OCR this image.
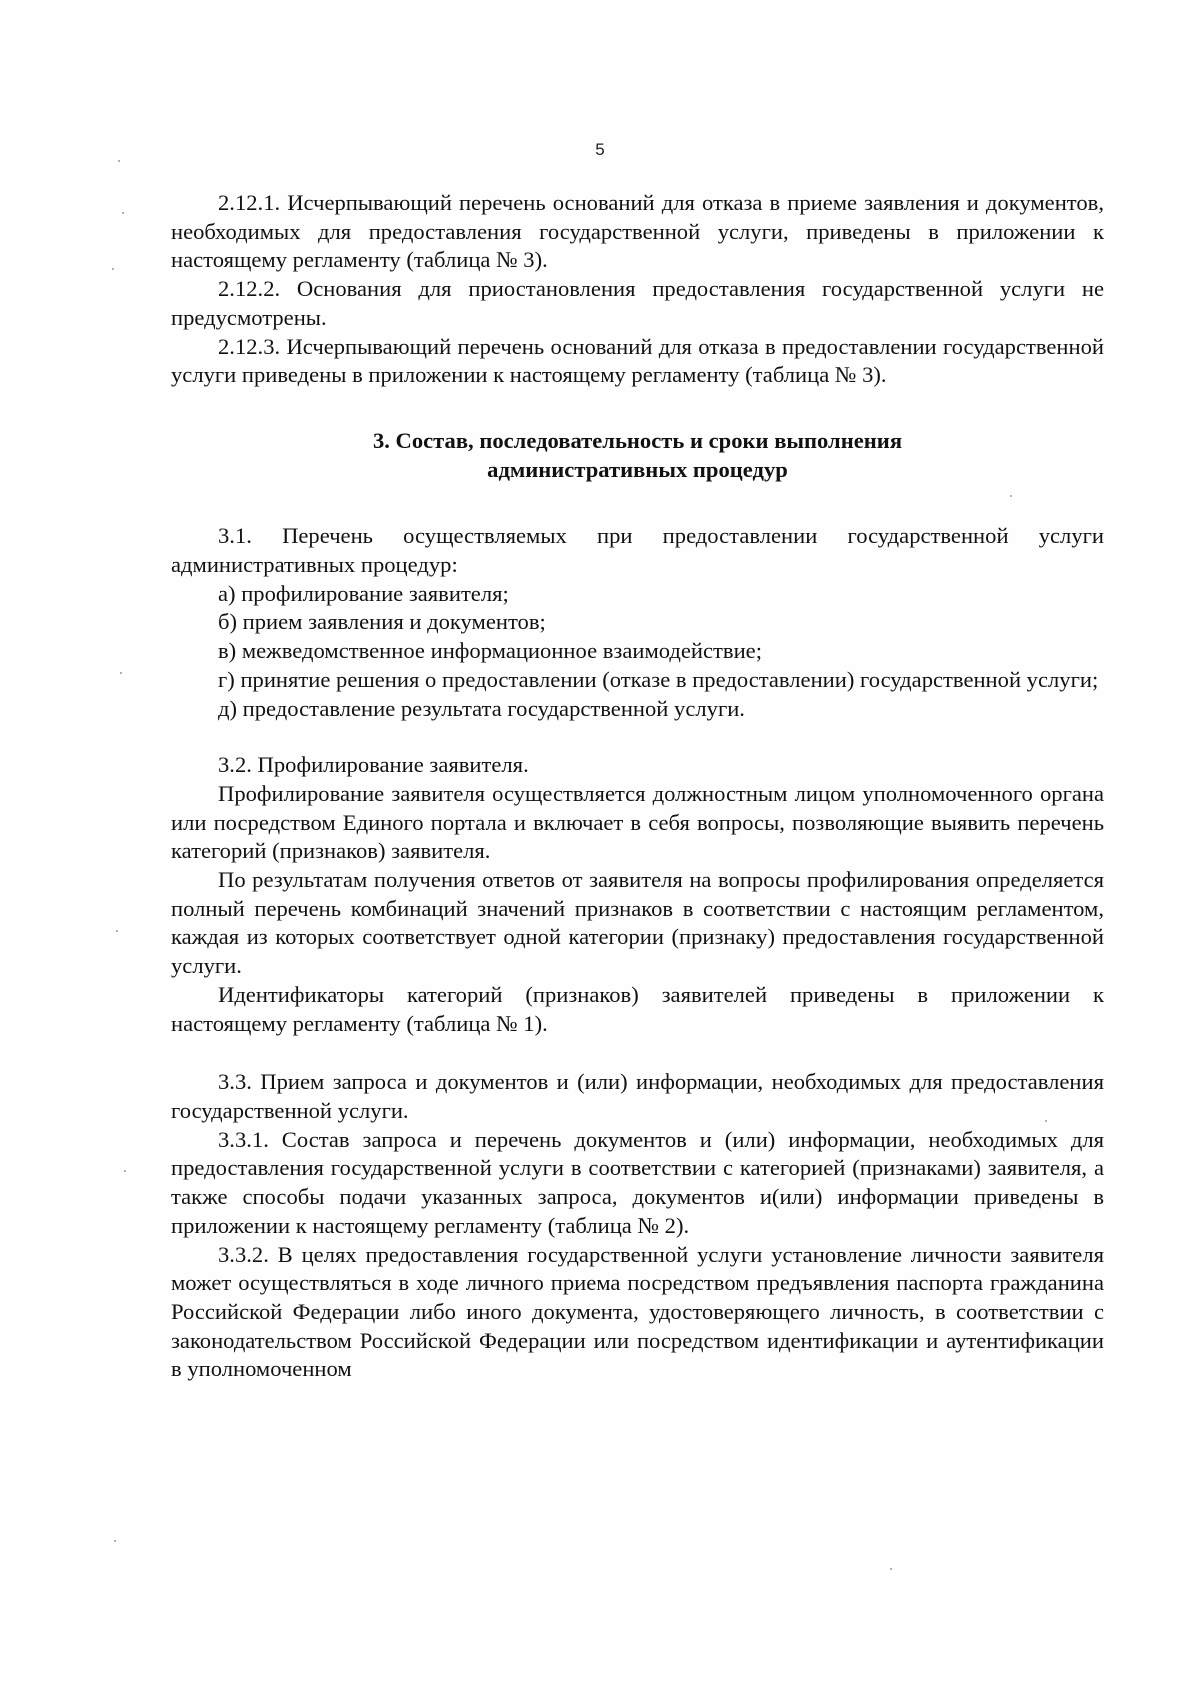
5

2.12.1. Исчерпывающий перечень оснований для отказа в приеме заявления и документов, необходимых для предоставления государственной услуги, приведены в приложении к настоящему регламенту (таблица № 3).

2.12.2. Основания для приостановления предоставления государственной услуги не предусмотрены.

2.12.3. Исчерпывающий перечень оснований для отказа в предоставлении государственной услуги приведены в приложении к настоящему регламенту (таблица № 3).

3. Состав, последовательность и сроки выполнения
административных процедур

3.1. Перечень осуществляемых при предоставлении государственной услуги административных процедур:

а) профилирование заявителя;

б) прием заявления и документов;

в) межведомственное информационное взаимодействие;

г) принятие решения о предоставлении (отказе в предоставлении) государственной услуги;

д) предоставление результата государственной услуги.

3.2. Профилирование заявителя.

Профилирование заявителя осуществляется должностным лицом уполномоченного органа или посредством Единого портала и включает в себя вопросы, позволяющие выявить перечень категорий (признаков) заявителя.

По результатам получения ответов от заявителя на вопросы профилирования определяется полный перечень комбинаций значений признаков в соответствии с настоящим регламентом, каждая из которых соответствует одной категории (признаку) предоставления государственной услуги.

Идентификаторы категорий (признаков) заявителей приведены в приложении к настоящему регламенту (таблица № 1).

3.3. Прием запроса и документов и (или) информации, необходимых для предоставления государственной услуги.

3.3.1. Состав запроса и перечень документов и (или) информации, необходимых для предоставления государственной услуги в соответствии с категорией (признаками) заявителя, а также способы подачи указанных запроса, документов и(или) информации приведены в приложении к настоящему регламенту (таблица № 2).

3.3.2. В целях предоставления государственной услуги установление личности заявителя может осуществляться в ходе личного приема посредством предъявления паспорта гражданина Российской Федерации либо иного документа, удостоверяющего личность, в соответствии с законодательством Российской Федерации или посредством идентификации и аутентификации в уполномоченном
